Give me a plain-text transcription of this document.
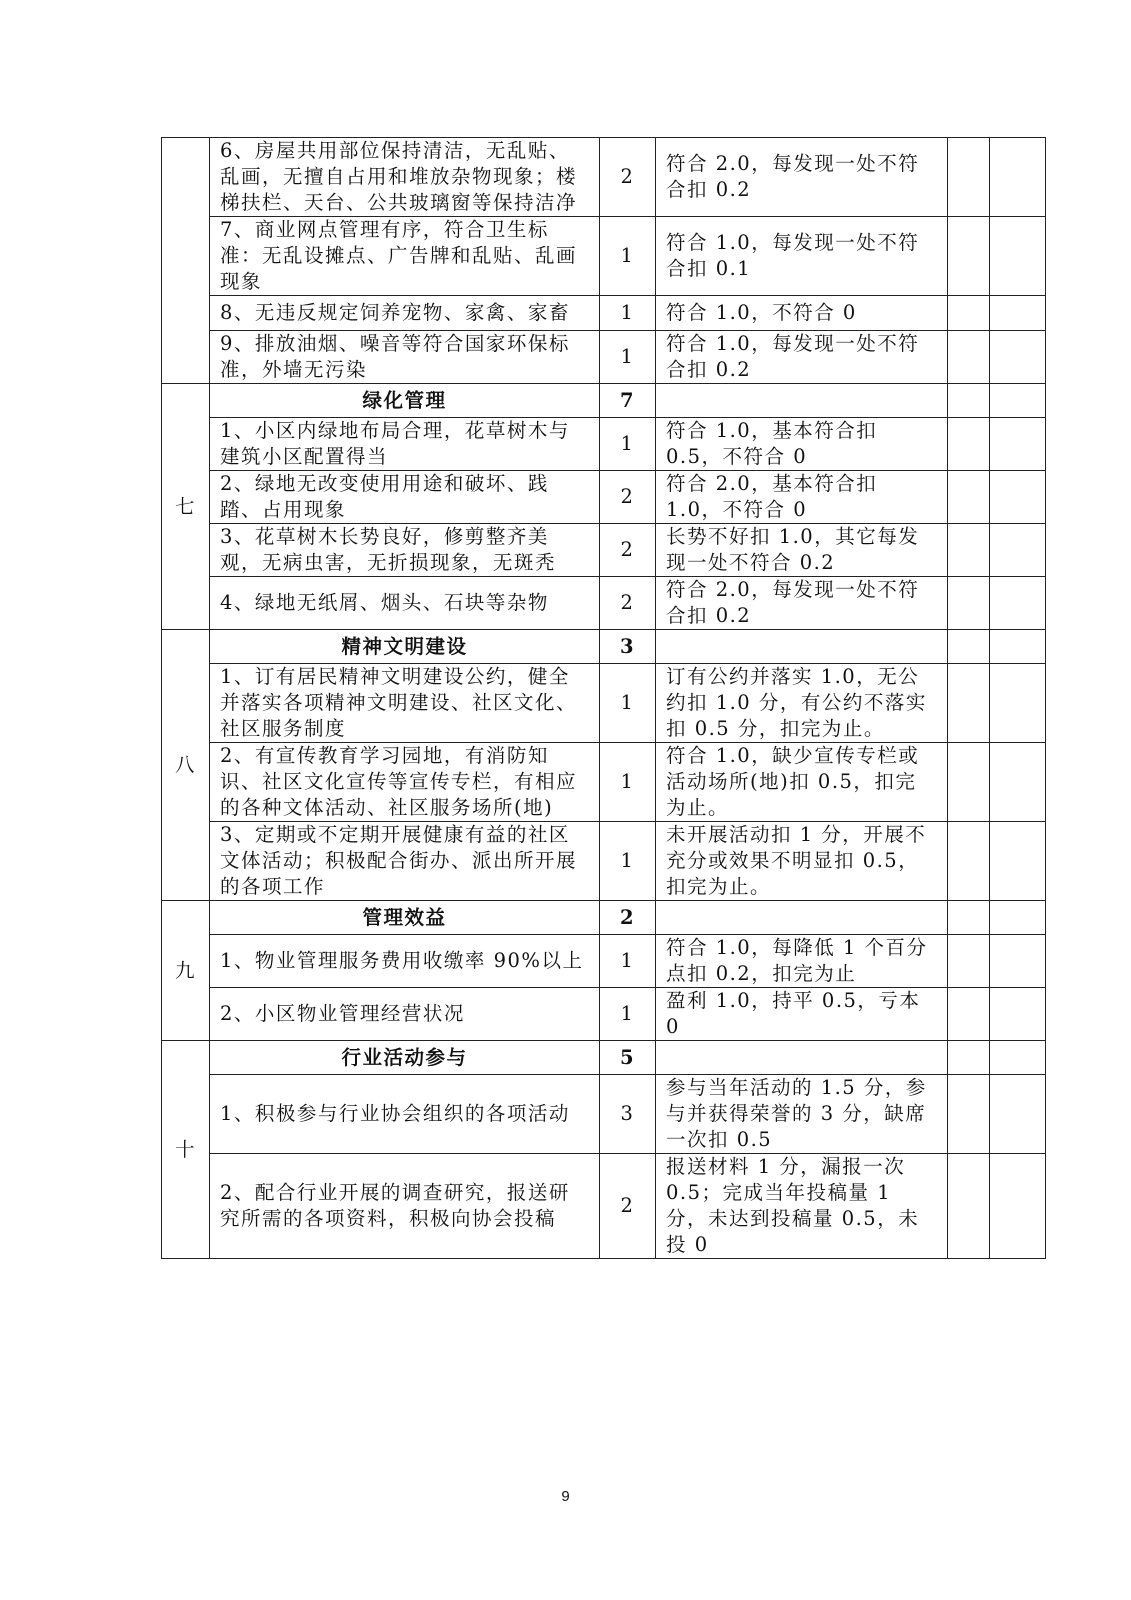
	6、房屋共用部位保持清洁，无乱贴、乱画，无擅自占用和堆放杂物现象；楼梯扶栏、天台、公共玻璃窗等保持洁净	2	符合 2.0，每发现一处不符合扣 0.2		
	7、商业网点管理有序，符合卫生标准：无乱设摊点、广告牌和乱贴、乱画现象	1	符合 1.0，每发现一处不符合扣 0.1		
	8、无违反规定饲养宠物、家禽、家畜	1	符合 1.0，不符合 0		
	9、排放油烟、噪音等符合国家环保标准，外墙无污染	1	符合 1.0，每发现一处不符合扣 0.2		
七	绿化管理	7			
	1、小区内绿地布局合理，花草树木与建筑小区配置得当	1	符合 1.0，基本符合扣 0.5，不符合 0		
	2、绿地无改变使用用途和破坏、践踏、占用现象	2	符合 2.0，基本符合扣 1.0，不符合 0		
	3、花草树木长势良好，修剪整齐美观，无病虫害，无折损现象，无斑秃	2	长势不好扣 1.0，其它每发现一处不符合 0.2		
	4、绿地无纸屑、烟头、石块等杂物	2	符合 2.0，每发现一处不符合扣 0.2		
八	精神文明建设	3			
	1、订有居民精神文明建设公约，健全并落实各项精神文明建设、社区文化、社区服务制度	1	订有公约并落实 1.0，无公约扣 1.0 分，有公约不落实扣 0.5 分，扣完为止。		
	2、有宣传教育学习园地，有消防知识、社区文化宣传等宣传专栏，有相应的各种文体活动、社区服务场所(地)	1	符合 1.0，缺少宣传专栏或活动场所(地)扣 0.5，扣完为止。		
	3、定期或不定期开展健康有益的社区文体活动；积极配合街办、派出所开展的各项工作	1	未开展活动扣 1 分，开展不充分或效果不明显扣 0.5，扣完为止。		
九	管理效益	2			
	1、物业管理服务费用收缴率 90%以上	1	符合 1.0，每降低 1 个百分点扣 0.2，扣完为止		
	2、小区物业管理经营状况	1	盈利 1.0，持平 0.5，亏本 0		
十	行业活动参与	5			
	1、积极参与行业协会组织的各项活动	3	参与当年活动的 1.5 分，参与并获得荣誉的 3 分，缺席一次扣 0.5		
	2、配合行业开展的调查研究，报送研究所需的各项资料，积极向协会投稿	2	报送材料 1 分，漏报一次 0.5；完成当年投稿量 1 分，未达到投稿量 0.5，未投 0		
9
